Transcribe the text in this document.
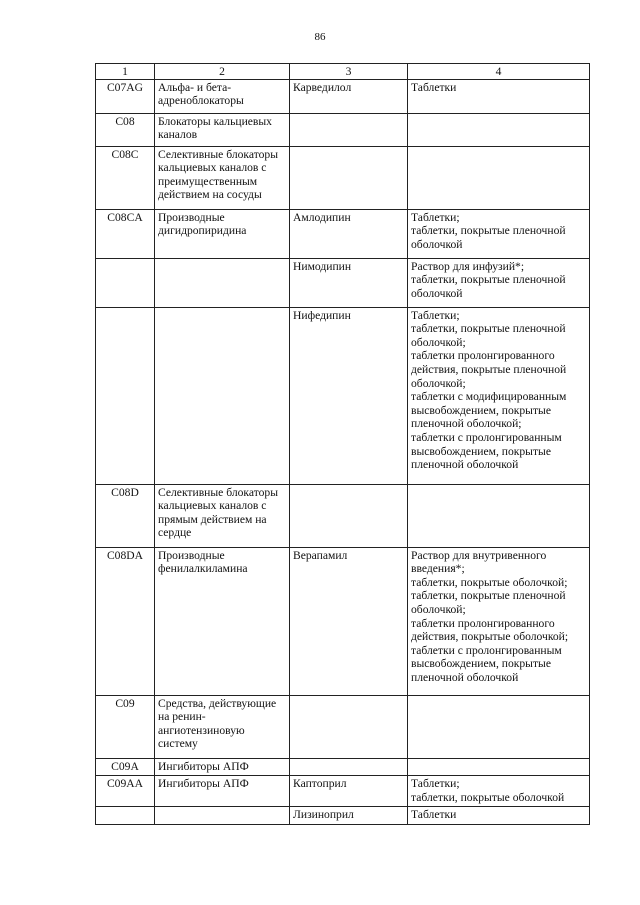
86
1	2	3	4
C07AG	Альфа- и бета-адреноблокаторы	Карведилол	Таблетки

C08	Блокаторы кальциевых каналов		
C08C	Селективные блокаторы кальциевых каналов с преимущественным действием на сосуды		
C08CA	Производные дигидропиридина	Амлодипин	Таблетки;
таблетки, покрытые пленочной оболочкой

		Нимодипин	Раствор для инфузий*;
таблетки, покрытые пленочной оболочкой

		Нифедипин	Таблетки;
таблетки, покрытые пленочной оболочкой;
таблетки пролонгированного действия, покрытые пленочной оболочкой;
таблетки с модифицированным высвобождением, покрытые пленочной оболочкой;
таблетки с пролонгированным высвобождением, покрытые пленочной оболочкой

C08D	Селективные блокаторы кальциевых каналов с прямым действием на сердце		
C08DA	Производные фенилалкиламина	Верапамил	Раствор для внутривенного введения*;
таблетки, покрытые оболочкой;
таблетки, покрытые пленочной оболочкой;
таблетки пролонгированного действия, покрытые оболочкой;
таблетки с пролонгированным высвобождением, покрытые пленочной оболочкой

C09	Средства, действующие на ренин-ангиотензиновую систему		
C09A	Ингибиторы АПФ		
C09AA	Ингибиторы АПФ	Каптоприл	Таблетки;
таблетки, покрытые оболочкой

		Лизиноприл	Таблетки
